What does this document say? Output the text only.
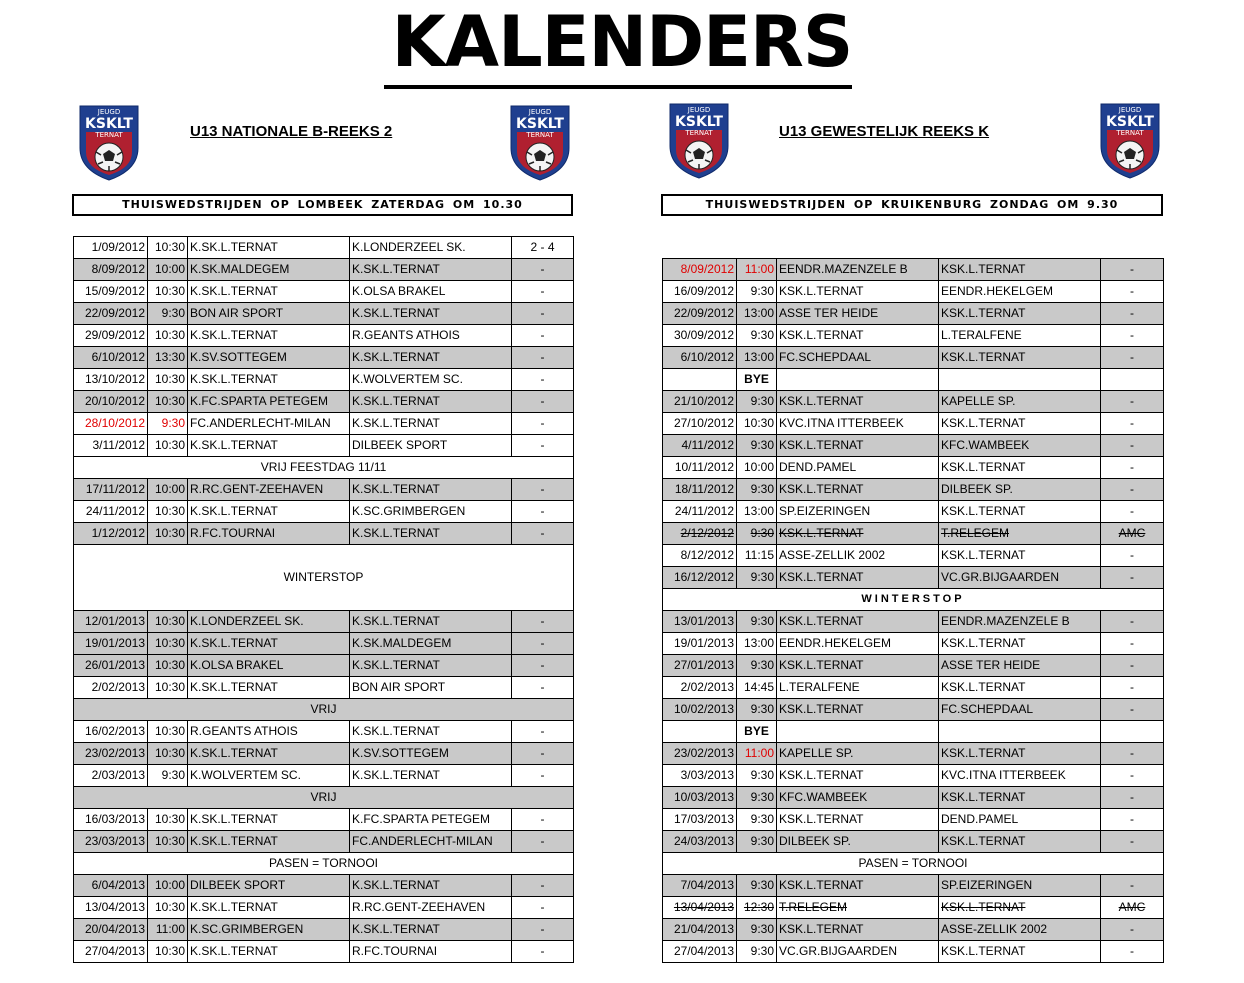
KALENDERS
JEUGD
KSKLT
TERNAT
JEUGD
KSKLT
TERNAT
JEUGD
KSKLT
TERNAT
JEUGD
KSKLT
TERNAT
U13 NATIONALE B-REEKS 2	U13 GEWESTELIJK REEKS K
THUISWEDSTRIJDEN OP LOMBEEK ZATERDAG OM 10.30	THUISWEDSTRIJDEN OP KRUIKENBURG ZONDAG OM 9.30
1/09/2012	10:30	K.SK.L.TERNAT	K.LONDERZEEL SK.	2 - 4
8/09/2012	10:00	K.SK.MALDEGEM	K.SK.L.TERNAT	-
15/09/2012	10:30	K.SK.L.TERNAT	K.OLSA BRAKEL	-
22/09/2012	9:30	BON AIR SPORT	K.SK.L.TERNAT	-
29/09/2012	10:30	K.SK.L.TERNAT	R.GEANTS ATHOIS	-
6/10/2012	13:30	K.SV.SOTTEGEM	K.SK.L.TERNAT	-
13/10/2012	10:30	K.SK.L.TERNAT	K.WOLVERTEM SC.	-
20/10/2012	10:30	K.FC.SPARTA PETEGEM	K.SK.L.TERNAT	-
28/10/2012	9:30	FC.ANDERLECHT-MILAN	K.SK.L.TERNAT	-
3/11/2012	10:30	K.SK.L.TERNAT	DILBEEK SPORT	-
VRIJ FEESTDAG 11/11				
17/11/2012	10:00	R.RC.GENT-ZEEHAVEN	K.SK.L.TERNAT	-
24/11/2012	10:30	K.SK.L.TERNAT	K.SC.GRIMBERGEN	-
1/12/2012	10:30	R.FC.TOURNAI	K.SK.L.TERNAT	-
WINTERSTOP				
12/01/2013	10:30	K.LONDERZEEL SK.	K.SK.L.TERNAT	-
19/01/2013	10:30	K.SK.L.TERNAT	K.SK.MALDEGEM	-
26/01/2013	10:30	K.OLSA BRAKEL	K.SK.L.TERNAT	-
2/02/2013	10:30	K.SK.L.TERNAT	BON AIR SPORT	-
VRIJ				
16/02/2013	10:30	R.GEANTS ATHOIS	K.SK.L.TERNAT	-
23/02/2013	10:30	K.SK.L.TERNAT	K.SV.SOTTEGEM	-
2/03/2013	9:30	K.WOLVERTEM SC.	K.SK.L.TERNAT	-
VRIJ				
16/03/2013	10:30	K.SK.L.TERNAT	K.FC.SPARTA PETEGEM	-
23/03/2013	10:30	K.SK.L.TERNAT	FC.ANDERLECHT-MILAN	-
PASEN = TORNOOI				
6/04/2013	10:00	DILBEEK SPORT	K.SK.L.TERNAT	-
13/04/2013	10:30	K.SK.L.TERNAT	R.RC.GENT-ZEEHAVEN	-
20/04/2013	11:00	K.SC.GRIMBERGEN	K.SK.L.TERNAT	-
27/04/2013	10:30	K.SK.L.TERNAT	R.FC.TOURNAI	-
8/09/2012	11:00	EENDR.MAZENZELE B	KSK.L.TERNAT	-
16/09/2012	9:30	KSK.L.TERNAT	EENDR.HEKELGEM	-
22/09/2012	13:00	ASSE TER HEIDE	KSK.L.TERNAT	-
30/09/2012	9:30	KSK.L.TERNAT	L.TERALFENE	-
6/10/2012	13:00	FC.SCHEPDAAL	KSK.L.TERNAT	-
	BYE			
21/10/2012	9:30	KSK.L.TERNAT	KAPELLE SP.	-
27/10/2012	10:30	KVC.ITNA ITTERBEEK	KSK.L.TERNAT	-
4/11/2012	9:30	KSK.L.TERNAT	KFC.WAMBEEK	-
10/11/2012	10:00	DEND.PAMEL	KSK.L.TERNAT	-
18/11/2012	9:30	KSK.L.TERNAT	DILBEEK SP.	-
24/11/2012	13:00	SP.EIZERINGEN	KSK.L.TERNAT	-
2/12/2012	9:30	KSK.L.TERNAT	T.RELEGEM	AMC
8/12/2012	11:15	ASSE-ZELLIK 2002	KSK.L.TERNAT	-
16/12/2012	9:30	KSK.L.TERNAT	VC.GR.BIJGAARDEN	-
WINTERSTOP				
13/01/2013	9:30	KSK.L.TERNAT	EENDR.MAZENZELE B	-
19/01/2013	13:00	EENDR.HEKELGEM	KSK.L.TERNAT	-
27/01/2013	9:30	KSK.L.TERNAT	ASSE TER HEIDE	-
2/02/2013	14:45	L.TERALFENE	KSK.L.TERNAT	-
10/02/2013	9:30	KSK.L.TERNAT	FC.SCHEPDAAL	-
	BYE			
23/02/2013	11:00	KAPELLE SP.	KSK.L.TERNAT	-
3/03/2013	9:30	KSK.L.TERNAT	KVC.ITNA ITTERBEEK	-
10/03/2013	9:30	KFC.WAMBEEK	KSK.L.TERNAT	-
17/03/2013	9:30	KSK.L.TERNAT	DEND.PAMEL	-
24/03/2013	9:30	DILBEEK SP.	KSK.L.TERNAT	-
PASEN = TORNOOI				
7/04/2013	9:30	KSK.L.TERNAT	SP.EIZERINGEN	-
13/04/2013	12:30	T.RELEGEM	KSK.L.TERNAT	AMC
21/04/2013	9:30	KSK.L.TERNAT	ASSE-ZELLIK 2002	-
27/04/2013	9:30	VC.GR.BIJGAARDEN	KSK.L.TERNAT	-
